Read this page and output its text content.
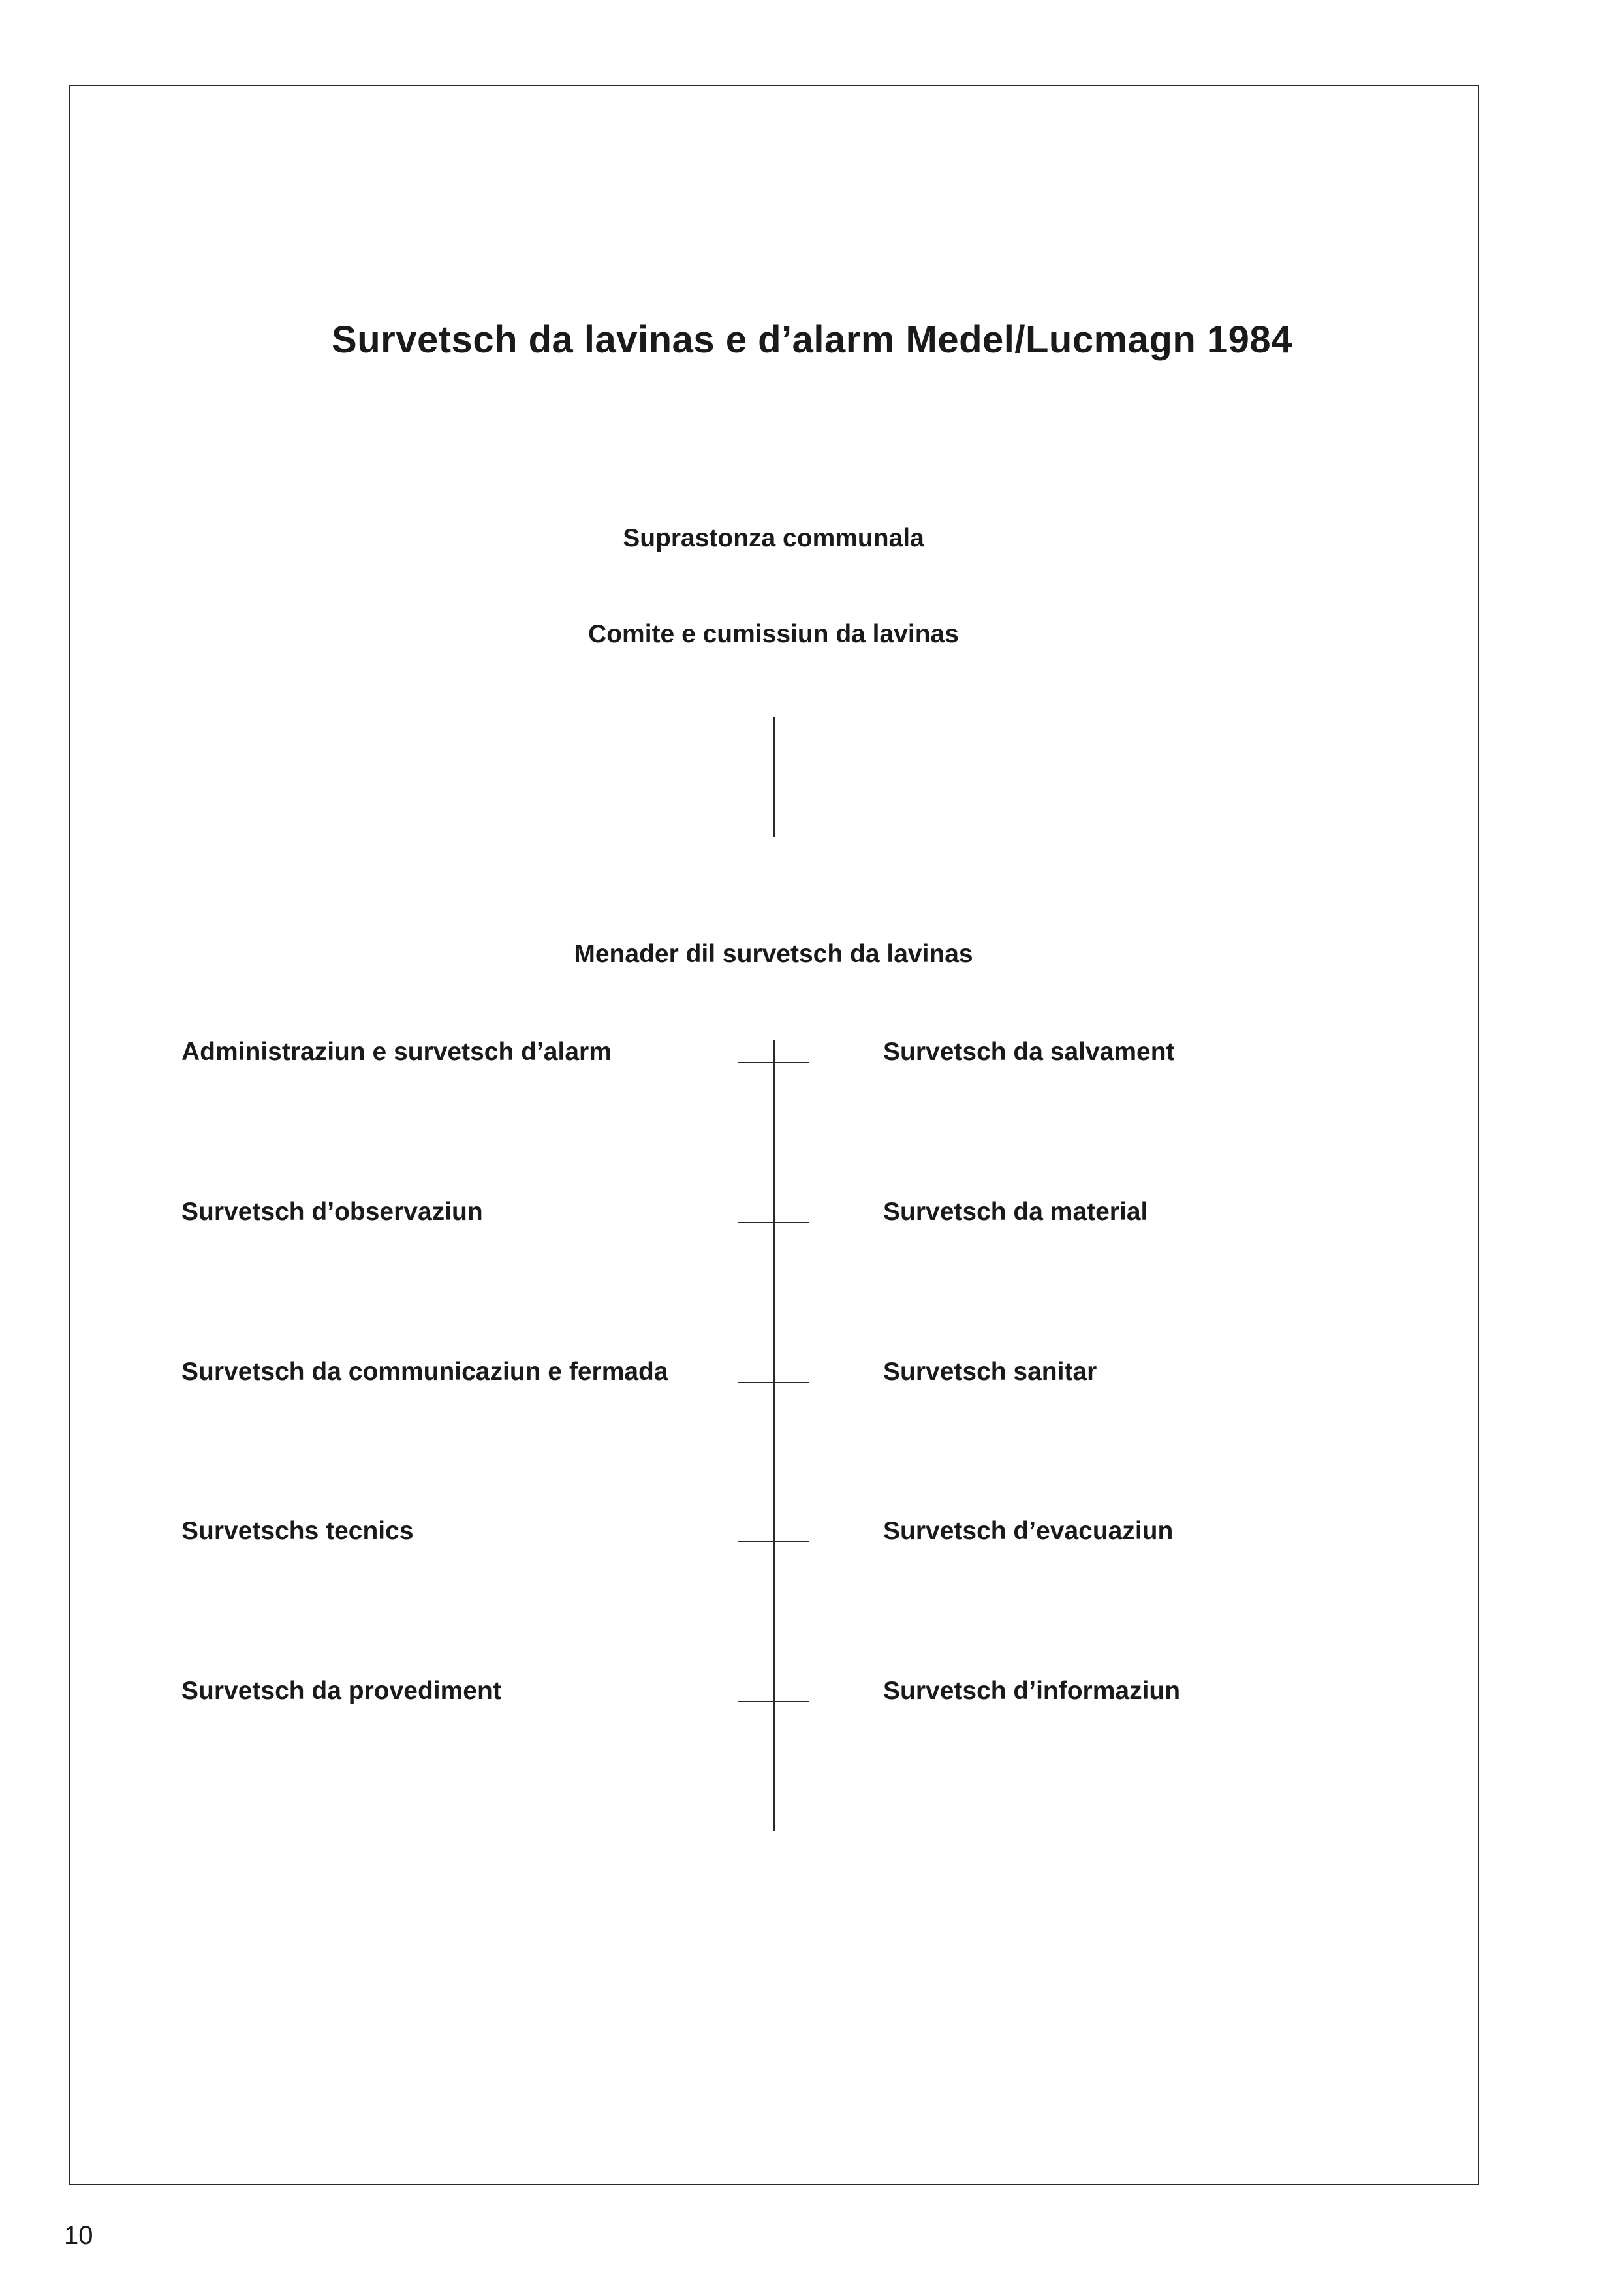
Survetsch da lavinas e d’alarm Medel/Lucmagn 1984
Suprastonza communala
Comite e cumissiun da lavinas
Menader dil survetsch da lavinas
Administraziun e survetsch d’alarm
Survetsch d’observaziun
Survetsch da communicaziun e fermada
Survetschs tecnics
Survetsch da provediment
Survetsch da salvament
Survetsch da material
Survetsch sanitar
Survetsch d’evacuaziun
Survetsch d’informaziun
10
